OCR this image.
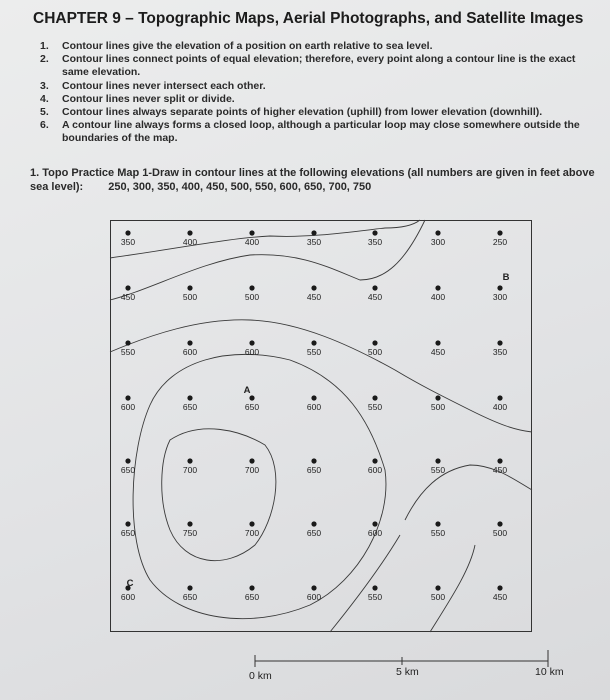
CHAPTER 9 – Topographic Maps, Aerial Photographs, and Satellite Images
1. Contour lines give the elevation of a position on earth relative to sea level.
2. Contour lines connect points of equal elevation; therefore, every point along a contour line is the exact same elevation.
3. Contour lines never intersect each other.
4. Contour lines never split or divide.
5. Contour lines always separate points of higher elevation (uphill) from lower elevation (downhill).
6. A contour line always forms a closed loop, although a particular loop may close somewhere outside the boundaries of the map.
1. Topo Practice Map 1-Draw in contour lines at the following elevations (all numbers are given in feet above sea level): 250, 300, 350, 400, 450, 500, 550, 600, 650, 700, 750
350	400	400	350	350	300	250
450	500	500	450	450	400	300
550	600	600	550	500	450	350
600	650	650	600	550	500	400
650	700	700	650	600	550	450
650	750	700	650	600	550	500
600	650	650	600	550	500	450
A
B
C
0 km	5 km	10 km
